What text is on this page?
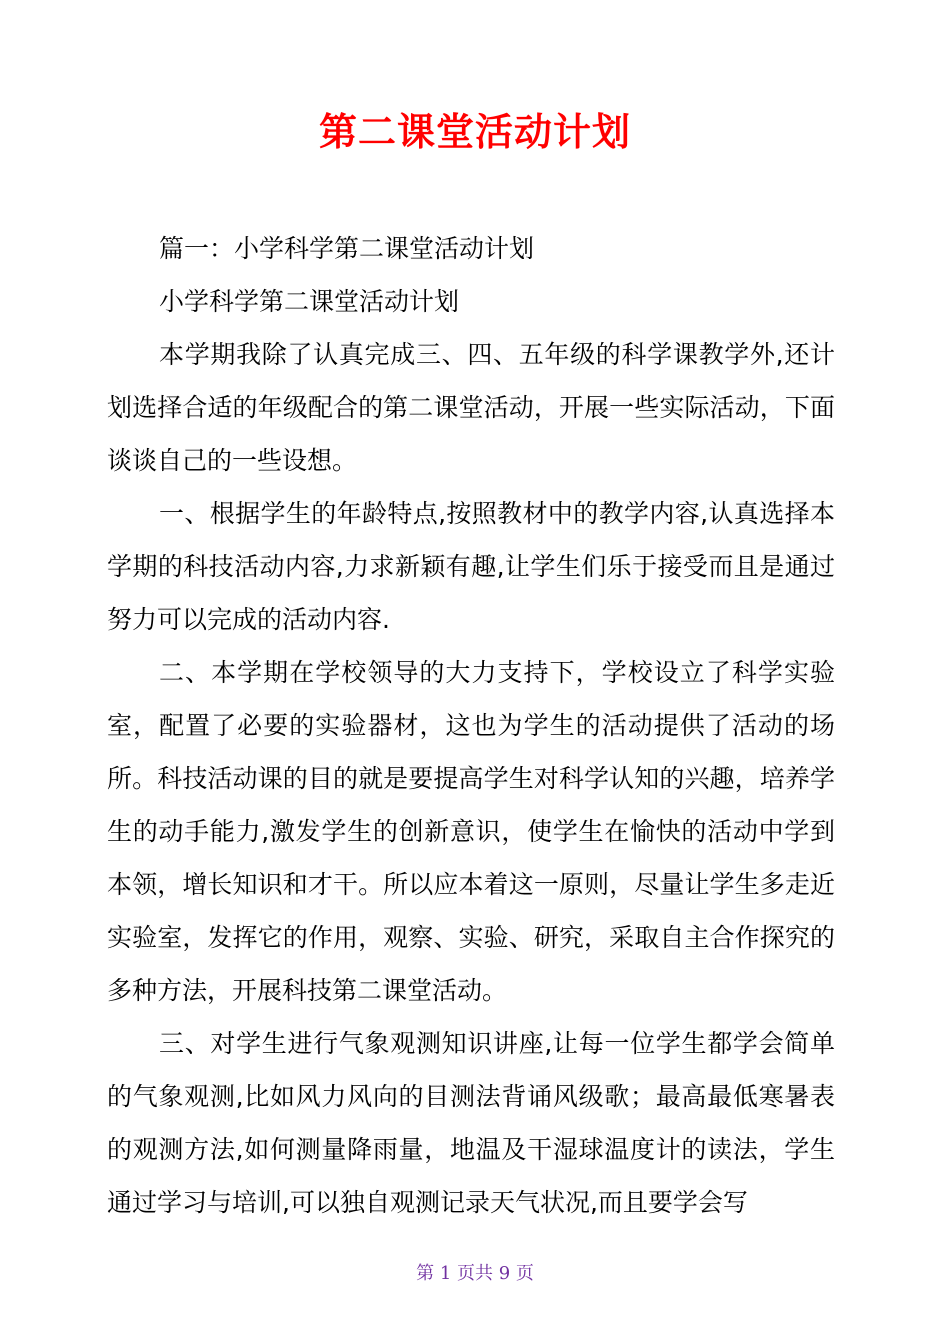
第二课堂活动计划

篇一：小学科学第二课堂活动计划

小学科学第二课堂活动计划

本学期我除了认真完成三、四、五年级的科学课教学外,还计划选择合适的年级配合的第二课堂活动，开展一些实际活动，下面谈谈自己的一些设想。

一、根据学生的年龄特点,按照教材中的教学内容,认真选择本学期的科技活动内容,力求新颖有趣,让学生们乐于接受而且是通过努力可以完成的活动内容.

二、本学期在学校领导的大力支持下，学校设立了科学实验室，配置了必要的实验器材，这也为学生的活动提供了活动的场所。科技活动课的目的就是要提高学生对科学认知的兴趣，培养学生的动手能力,激发学生的创新意识，使学生在愉快的活动中学到本领，增长知识和才干。所以应本着这一原则，尽量让学生多走近实验室，发挥它的作用，观察、实验、研究，采取自主合作探究的多种方法，开展科技第二课堂活动。

三、对学生进行气象观测知识讲座,让每一位学生都学会简单的气象观测,比如风力风向的目测法背诵风级歌；最高最低寒暑表的观测方法,如何测量降雨量，地温及干湿球温度计的读法，学生通过学习与培训,可以独自观测记录天气状况,而且要学会写

第 1 页共 9 页
